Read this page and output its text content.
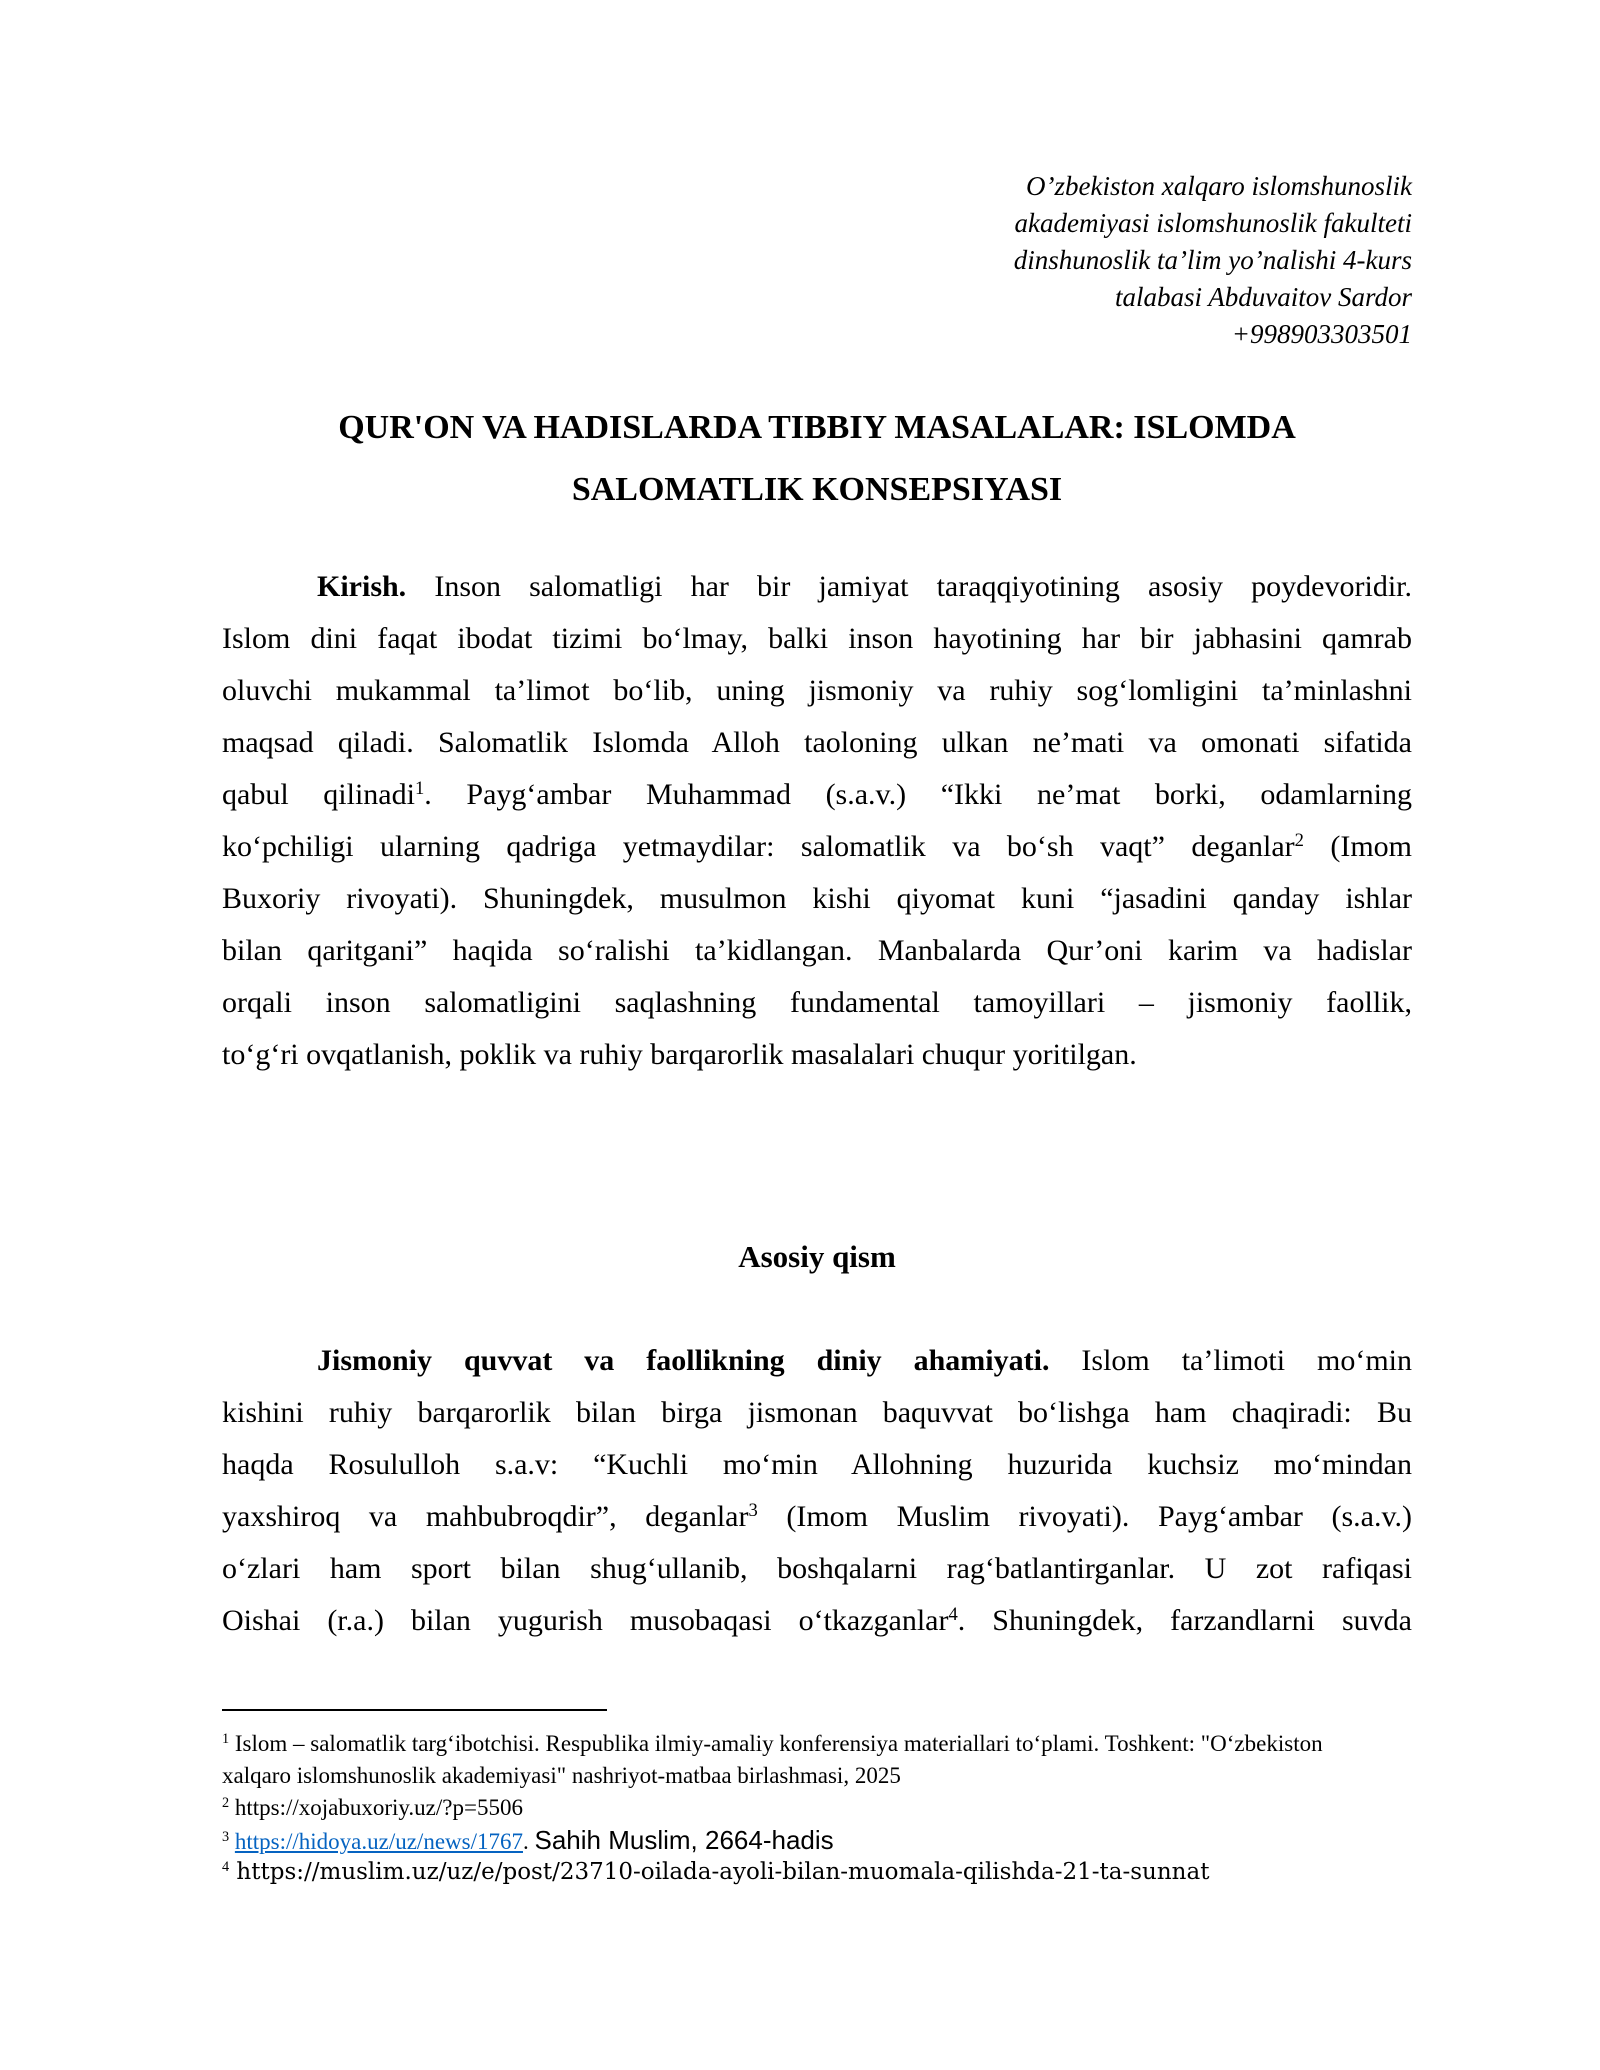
O’zbekiston xalqaro islomshunoslik
akademiyasi islomshunoslik fakulteti
dinshunoslik ta’lim yo’nalishi 4-kurs
talabasi Abduvaitov Sardor
+998903303501
QUR'ON VA HADISLARDA TIBBIY MASALALAR: ISLOMDA
SALOMATLIK KONSEPSIYASI
Kirish. Inson salomatligi har bir jamiyat taraqqiyotining asosiy poydevoridir.
Islom dini faqat ibodat tizimi bo‘lmay, balki inson hayotining har bir jabhasini qamrab
oluvchi mukammal ta’limot bo‘lib, uning jismoniy va ruhiy sog‘lomligini ta’minlashni
maqsad qiladi. Salomatlik Islomda Alloh taoloning ulkan ne’mati va omonati sifatida
qabul qilinadi$^1$. Payg‘ambar Muhammad (s.a.v.) “Ikki ne’mat borki, odamlarning
ko‘pchiligi ularning qadriga yetmaydilar: salomatlik va bo‘sh vaqt” deganlar$^2$ (Imom
Buxoriy rivoyati). Shuningdek, musulmon kishi qiyomat kuni “jasadini qanday ishlar
bilan qaritgani” haqida so‘ralishi ta’kidlangan. Manbalarda Qur’oni karim va hadislar
orqali inson salomatligini saqlashning fundamental tamoyillari – jismoniy faollik,
to‘g‘ri ovqatlanish, poklik va ruhiy barqarorlik masalalari chuqur yoritilgan.
Asosiy qism
Jismoniy quvvat va faollikning diniy ahamiyati. Islom ta’limoti mo‘min
kishini ruhiy barqarorlik bilan birga jismonan baquvvat bo‘lishga ham chaqiradi: Bu
haqda Rosululloh s.a.v: “Kuchli mo‘min Allohning huzurida kuchsiz mo‘mindan
yaxshiroq va mahbubroqdir”, deganlar$^3$ (Imom Muslim rivoyati). Payg‘ambar (s.a.v.)
o‘zlari ham sport bilan shug‘ullanib, boshqalarni rag‘batlantirganlar. U zot rafiqasi
Oishai (r.a.) bilan yugurish musobaqasi o‘tkazganlar$^4$. Shuningdek, farzandlarni suvda
$^1$ Islom – salomatlik targ‘ibotchisi. Respublika ilmiy-amaliy konferensiya materiallari to‘plami. Toshkent: "O‘zbekiston
xalqaro islomshunoslik akademiyasi" nashriyot-matbaa birlashmasi, 2025
$^2$ https://xojabuxoriy.uz/?p=5506
$^3$ https://hidoya.uz/uz/news/1767. Sahih Muslim, 2664-hadis
$^4$ https://muslim.uz/uz/e/post/23710-oilada-ayoli-bilan-muomala-qilishda-21-ta-sunnat
